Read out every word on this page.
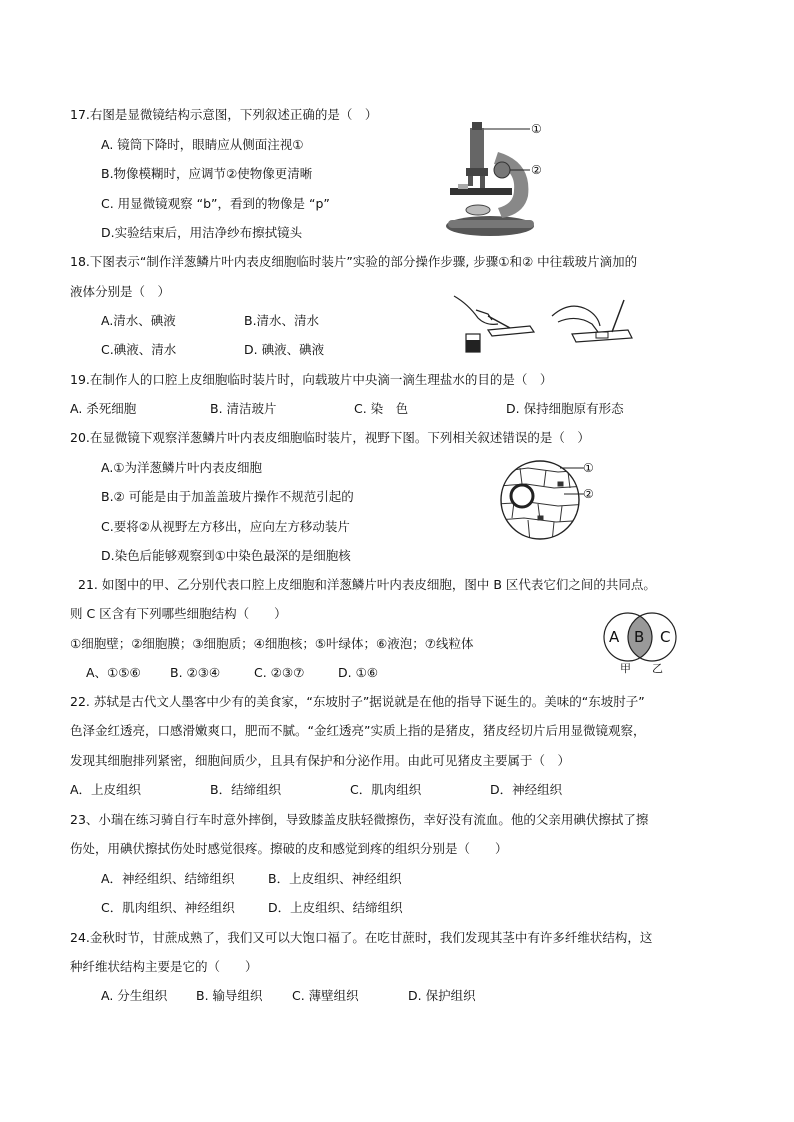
17.右图是显微镜结构示意图，下列叙述正确的是（　）
A. 镜筒下降时，眼睛应从侧面注视①
B.物像模糊时，应调节②使物像更清晰
C. 用显微镜观察 “b”，看到的物像是 “p”
D.实验结束后，用洁净纱布擦拭镜头
①
②
18.下图表示“制作洋葱鳞片叶内表皮细胞临时装片”实验的部分操作步骤, 步骤①和② 中往载玻片滴加的
液体分别是（　）
A.清水、碘液	B.清水、清水
C.碘液、清水	D. 碘液、碘液
19.在制作人的口腔上皮细胞临时装片时，向载玻片中央滴一滴生理盐水的目的是（　）
A. 杀死细胞	B. 清洁玻片	C. 染　色	D. 保持细胞原有形态
20.在显微镜下观察洋葱鳞片叶内表皮细胞临时装片，视野下图。下列相关叙述错误的是（　）
A.①为洋葱鳞片叶内表皮细胞
B.② 可能是由于加盖盖玻片操作不规范引起的
C.要将②从视野左方移出，应向左方移动装片
D.染色后能够观察到①中染色最深的是细胞核
①
②
21. 如图中的甲、乙分别代表口腔上皮细胞和洋葱鳞片叶内表皮细胞，图中 B 区代表它们之间的共同点。
则 C 区含有下列哪些细胞结构（　　）
①细胞壁；②细胞膜；③细胞质；④细胞核；⑤叶绿体；⑥液泡；⑦线粒体
A、①⑤⑥ B. ②③④	C. ②③⑦	D. ①⑥
A B C
甲 乙
22. 苏轼是古代文人墨客中少有的美食家，“东坡肘子”据说就是在他的指导下诞生的。美味的“东坡肘子”
色泽金红透亮，口感滑嫩爽口，肥而不腻。“金红透亮”实质上指的是猪皮，猪皮经切片后用显微镜观察，
发现其细胞排列紧密，细胞间质少，且具有保护和分泌作用。由此可见猪皮主要属于（　）
A．上皮组织	B．结缔组织	C．肌肉组织	D．神经组织
23、小瑞在练习骑自行车时意外摔倒，导致膝盖皮肤轻微擦伤，幸好没有流血。他的父亲用碘伏擦拭了擦
伤处，用碘伏擦拭伤处时感觉很疼。擦破的皮和感觉到疼的组织分别是（　　）
A．神经组织、结缔组织	B．上皮组织、神经组织
C．肌肉组织、神经组织	D．上皮组织、结缔组织
24.金秋时节，甘蔗成熟了，我们又可以大饱口福了。在吃甘蔗时，我们发现其茎中有许多纤维状结构，这
种纤维状结构主要是它的（　　）
A. 分生组织 B. 输导组织 C. 薄壁组织	D. 保护组织
